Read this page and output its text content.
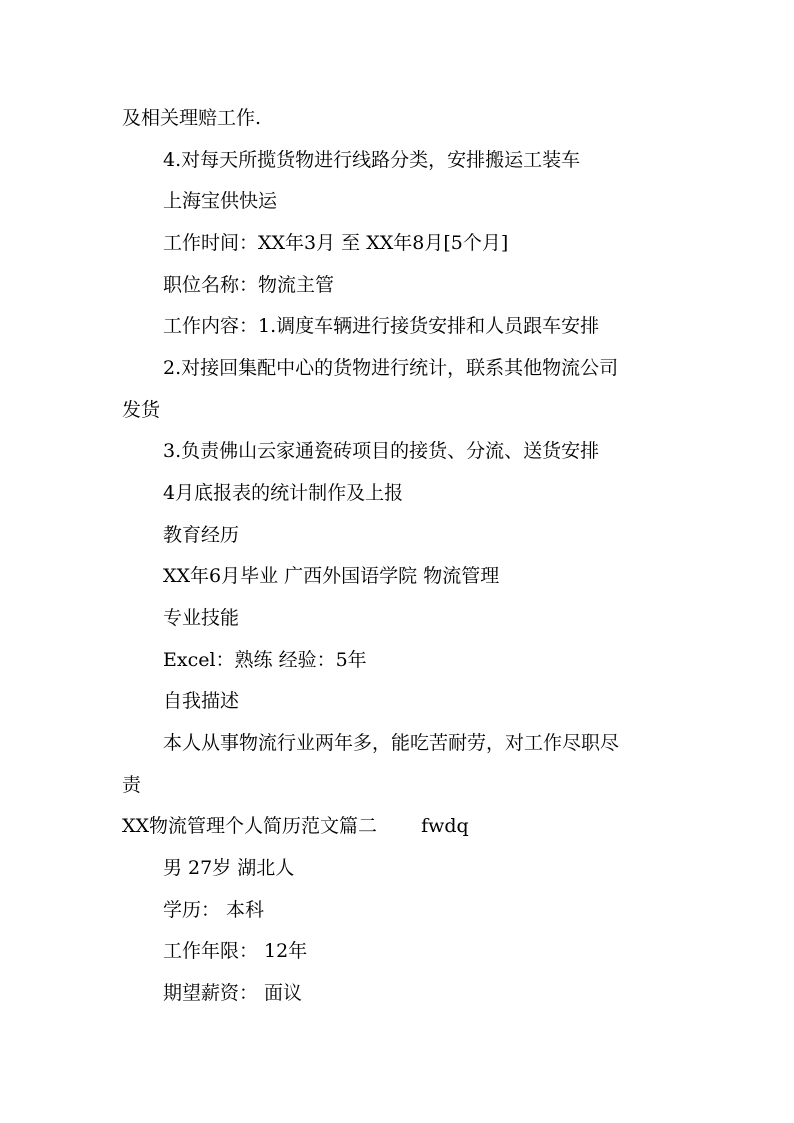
及相关理赔工作.
4.对每天所揽货物进行线路分类，安排搬运工装车
上海宝供快运
工作时间：XX年3月 至 XX年8月[5个月]
职位名称：物流主管
工作内容：1.调度车辆进行接货安排和人员跟车安排
2.对接回集配中心的货物进行统计，联系其他物流公司
发货
3.负责佛山云家通瓷砖项目的接货、分流、送货安排
4月底报表的统计制作及上报
教育经历
XX年6月毕业 广西外国语学院 物流管理
专业技能
Excel：熟练 经验：5年
自我描述
本人从事物流行业两年多，能吃苦耐劳，对工作尽职尽
责
XX物流管理个人简历范文篇二 fwdq
男 27岁 湖北人
学历： 本科
工作年限： 12年
期望薪资： 面议
